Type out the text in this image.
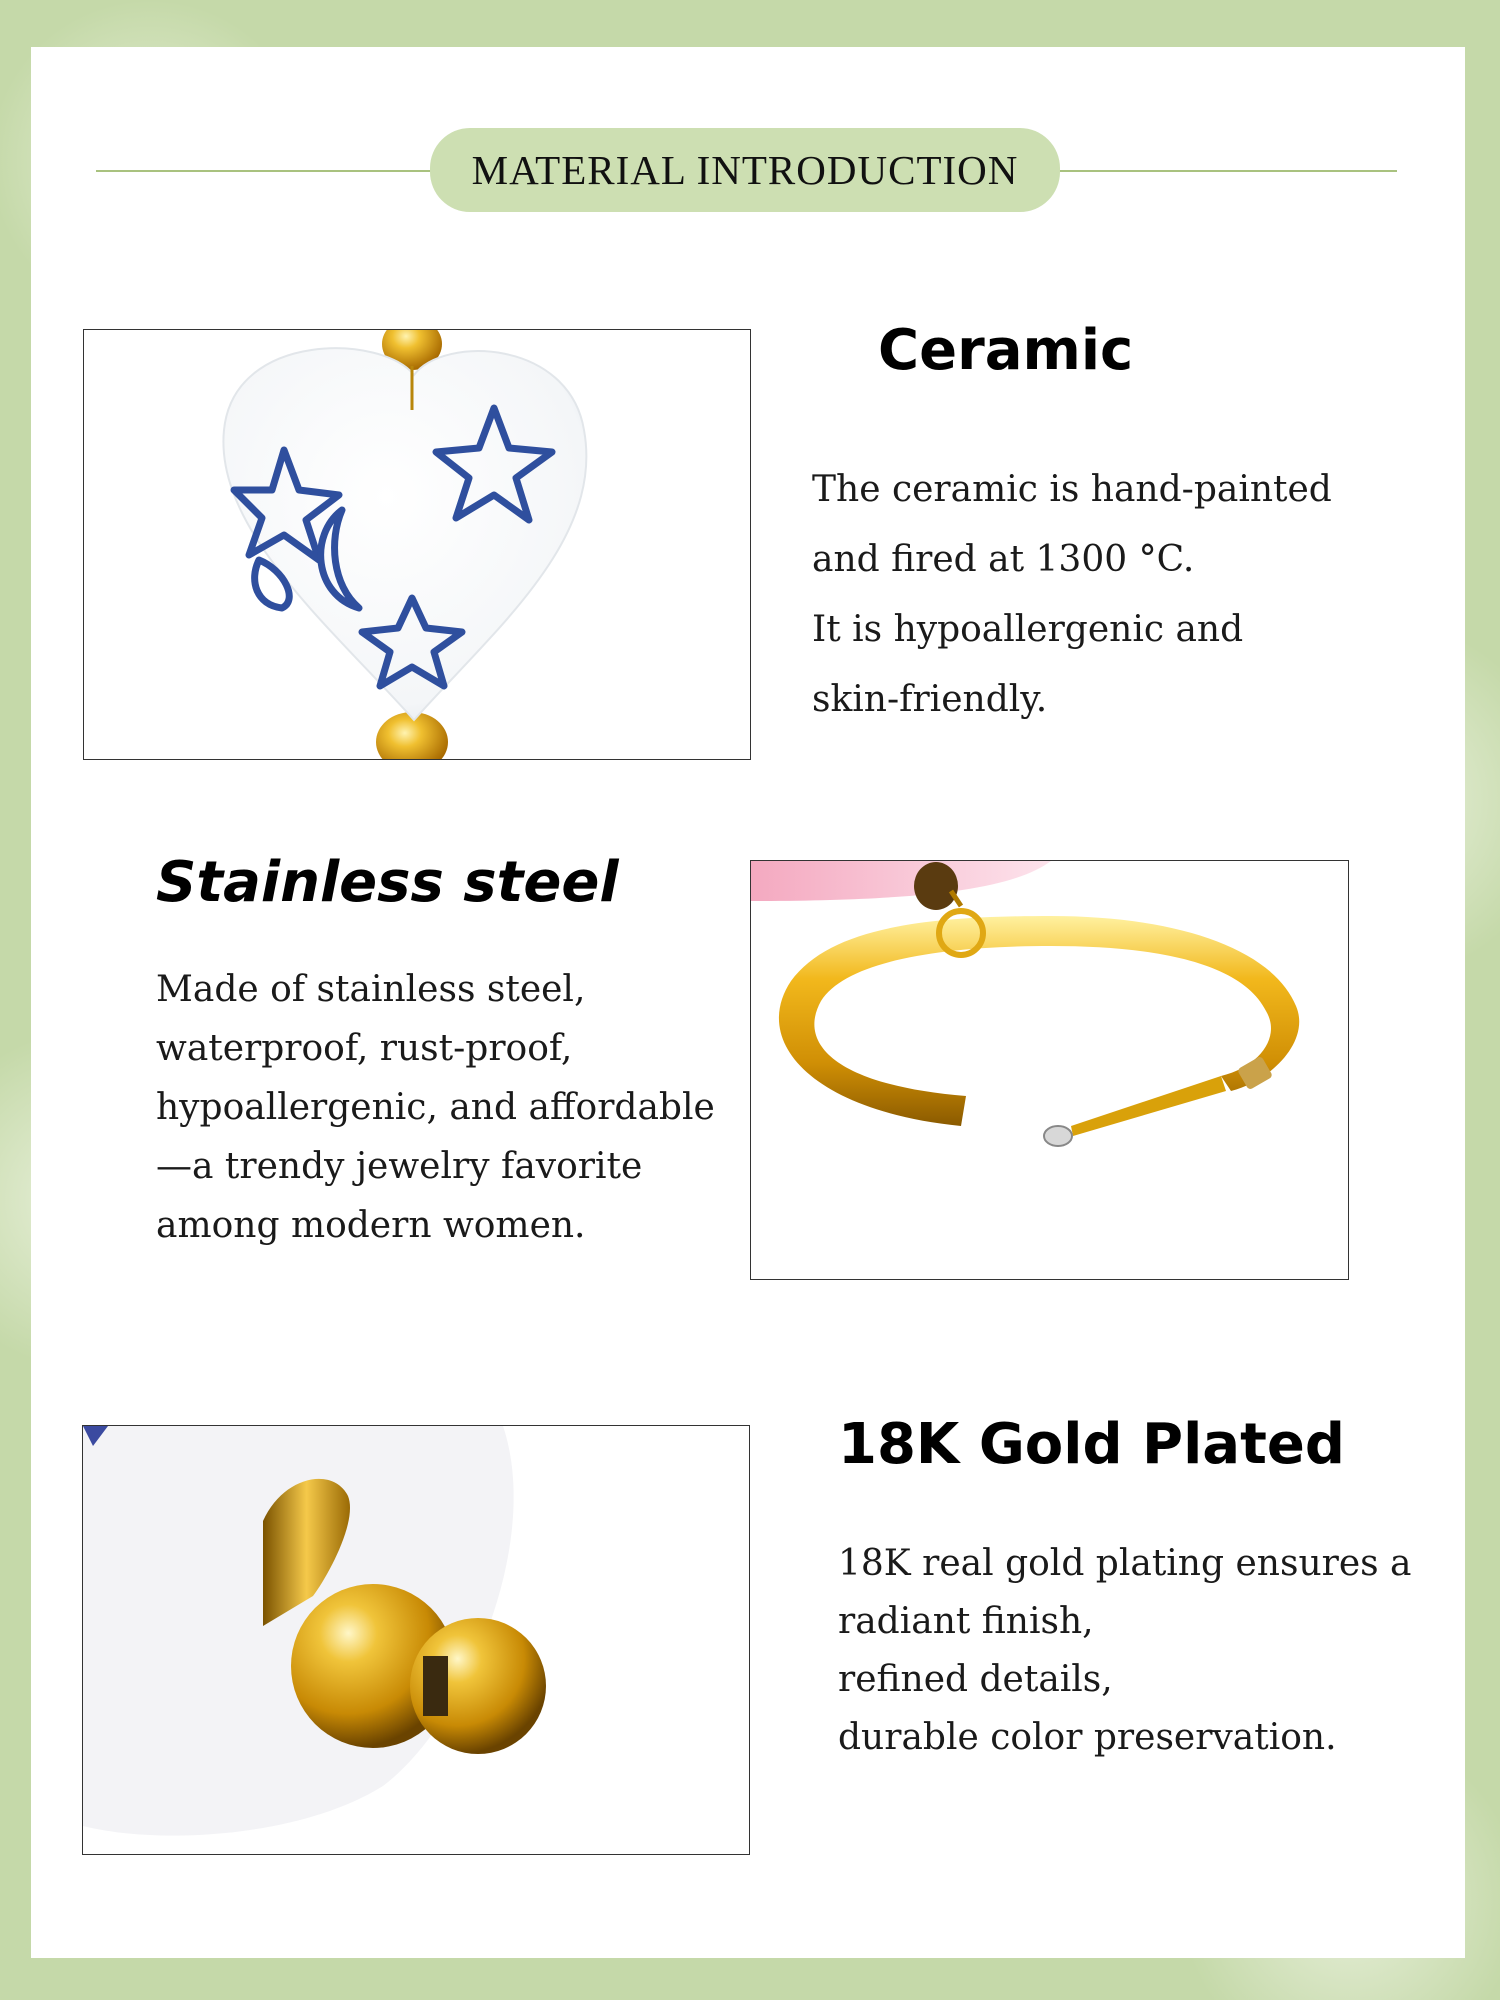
MATERIAL INTRODUCTION
Ceramic
The ceramic is hand-painted
and fired at 1300 °C.
It is hypoallergenic and
skin-friendly.
Stainless steel
Made of stainless steel,
waterproof, rust-proof,
hypoallergenic, and affordable
—a trendy jewelry favorite
among modern women.
18K Gold Plated
18K real gold plating ensures a
radiant finish,
refined details,
durable color preservation.
